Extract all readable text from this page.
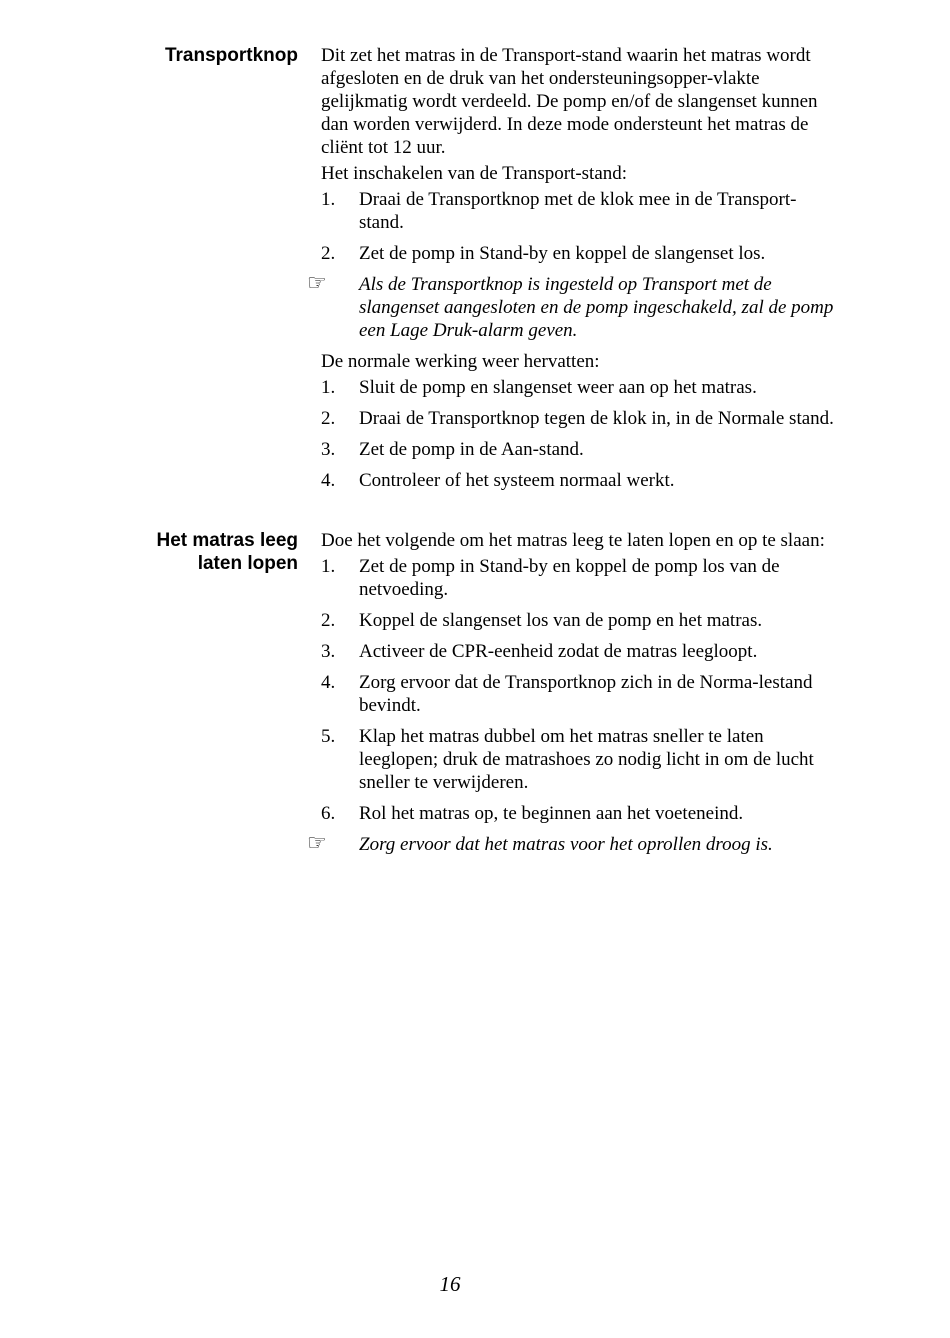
Transportknop Dit zet het matras in de Transport-stand waarin het matras wordt afgesloten en de druk van het ondersteuningsopper-vlakte gelijkmatig wordt verdeeld. De pomp en/of de slangenset kunnen dan worden verwijderd. In deze mode ondersteunt het matras de cliënt tot 12 uur.

Het inschakelen van de Transport-stand:

1. Draai de Transportknop met de klok mee in de Transport-stand.
2. Zet de pomp in Stand-by en koppel de slangenset los.

☞ Als de Transportknop is ingesteld op Transport met de slangenset aangesloten en de pomp ingeschakeld, zal de pomp een Lage Druk-alarm geven.

De normale werking weer hervatten:

1. Sluit de pomp en slangenset weer aan op het matras.
2. Draai de Transportknop tegen de klok in, in de Normale stand.
3. Zet de pomp in de Aan-stand.
4. Controleer of het systeem normaal werkt.
Het matras leeg
laten lopen

Doe het volgende om het matras leeg te laten lopen en op te slaan:

1. Zet de pomp in Stand-by en koppel de pomp los van de netvoeding.
2. Koppel de slangenset los van de pomp en het matras.
3. Activeer de CPR-eenheid zodat de matras leegloopt.
4. Zorg ervoor dat de Transportknop zich in de Norma-lestand bevindt.
5. Klap het matras dubbel om het matras sneller te laten leeglopen; druk de matrashoes zo nodig licht in om de lucht sneller te verwijderen.
6. Rol het matras op, te beginnen aan het voeteneind.

☞ Zorg ervoor dat het matras voor het oprollen droog is.

16
